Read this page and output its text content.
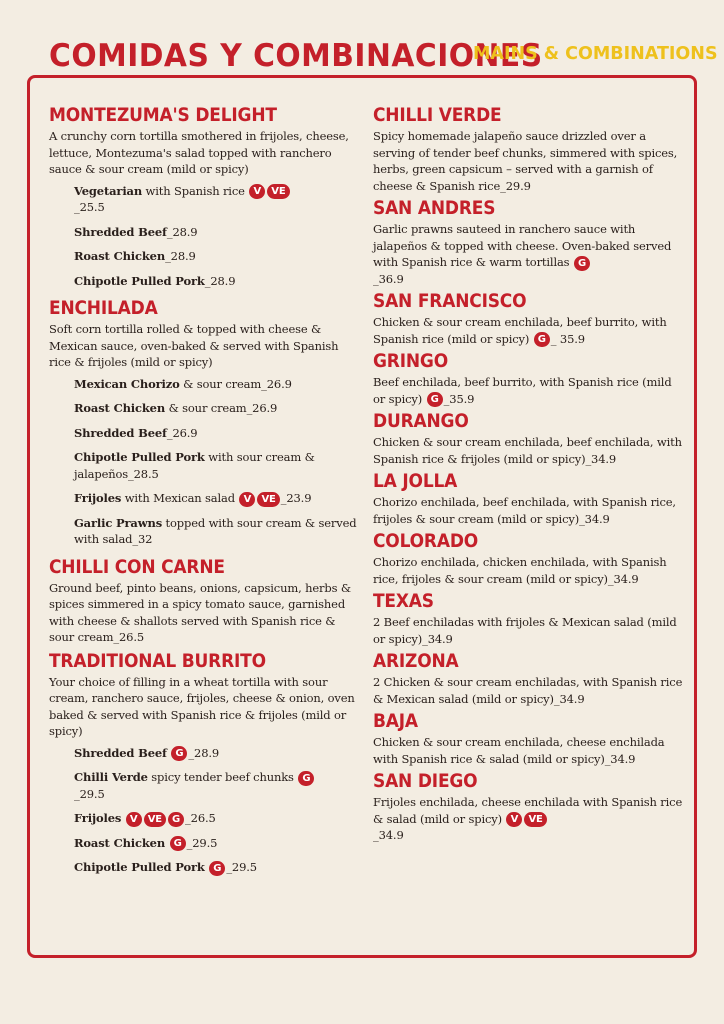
COMIDAS Y COMBINACIONES
MAINS & COMBINATIONS
MONTEZUMA'S DELIGHT
A crunchy corn tortilla smothered in frijoles, cheese, lettuce, Montezuma's salad topped with ranchero sauce & sour cream (mild or spicy)
Vegetarian with Spanish rice V VE
_25.5
Shredded Beef_28.9
Roast Chicken_28.9
Chipotle Pulled Pork_28.9
ENCHILADA
Soft corn tortilla rolled & topped with cheese & Mexican sauce, oven-baked & served with Spanish rice & frijoles (mild or spicy)
Mexican Chorizo & sour cream_26.9
Roast Chicken & sour cream_26.9
Shredded Beef_26.9
Chipotle Pulled Pork with sour cream & jalapeños_28.5
Frijoles with Mexican salad V VE _23.9
Garlic Prawns topped with sour cream & served with salad_32
CHILLI CON CARNE
Ground beef, pinto beans, onions, capsicum, herbs & spices simmered in a spicy tomato sauce, garnished with cheese & shallots served with Spanish rice & sour cream_26.5
TRADITIONAL BURRITO
Your choice of filling in a wheat tortilla with sour cream, ranchero sauce, frijoles, cheese & onion, oven baked & served with Spanish rice & frijoles (mild or spicy)
Shredded Beef G _28.9
Chilli Verde spicy tender beef chunks G
_29.5
Frijoles V VE G _26.5
Roast Chicken G _29.5
Chipotle Pulled Pork G _29.5
CHILLI VERDE
Spicy homemade jalapeño sauce drizzled over a serving of tender beef chunks, simmered with spices, herbs, green capsicum – served with a garnish of cheese & Spanish rice_29.9
SAN ANDRES
Garlic prawns sauteed in ranchero sauce with jalapeños & topped with cheese. Oven-baked served with Spanish rice & warm tortillas G
_36.9
SAN FRANCISCO
Chicken & sour cream enchilada, beef burrito, with Spanish rice (mild or spicy) G _ 35.9
GRINGO
Beef enchilada, beef burrito, with Spanish rice (mild or spicy) G _35.9
DURANGO
Chicken & sour cream enchilada, beef enchilada, with Spanish rice & frijoles (mild or spicy)_34.9
LA JOLLA
Chorizo enchilada, beef enchilada, with Spanish rice, frijoles & sour cream (mild or spicy)_34.9
COLORADO
Chorizo enchilada, chicken enchilada, with Spanish rice, frijoles & sour cream (mild or spicy)_34.9
TEXAS
2 Beef enchiladas with frijoles & Mexican salad (mild or spicy)_34.9
ARIZONA
2 Chicken & sour cream enchiladas, with Spanish rice & Mexican salad (mild or spicy)_34.9
BAJA
Chicken & sour cream enchilada, cheese enchilada with Spanish rice & salad (mild or spicy)_34.9
SAN DIEGO
Frijoles enchilada, cheese enchilada with Spanish rice & salad (mild or spicy) V VE
_34.9
